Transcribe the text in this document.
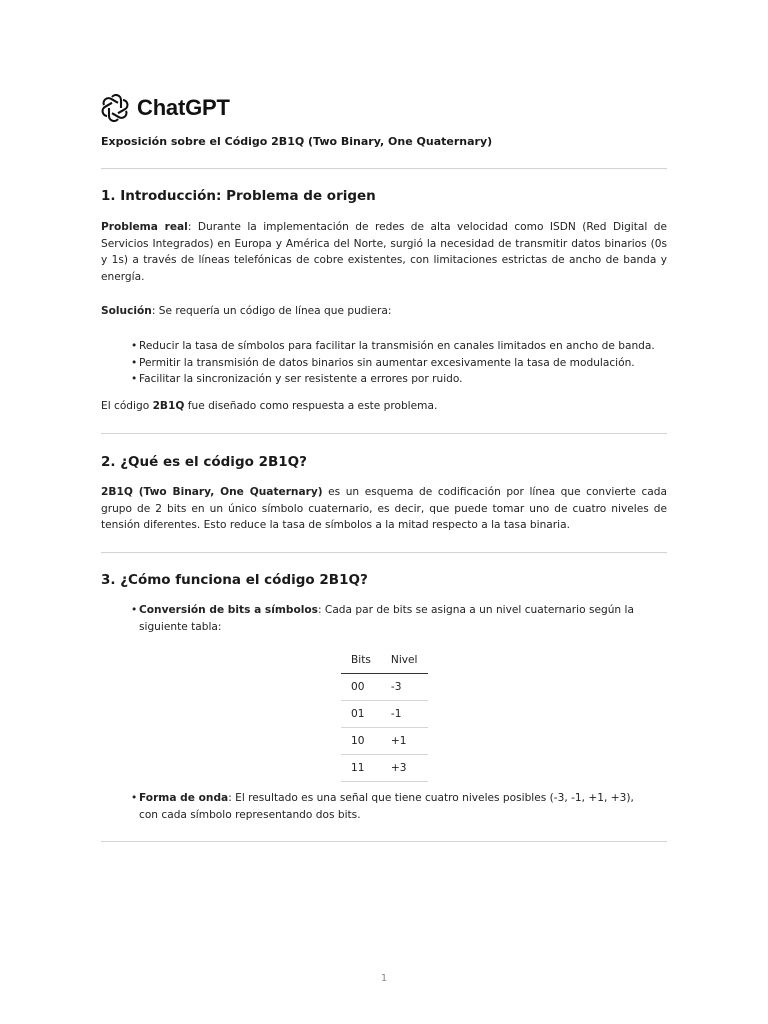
ChatGPT
Exposición sobre el Código 2B1Q (Two Binary, One Quaternary)
1. Introducción: Problema de origen
Problema real: Durante la implementación de redes de alta velocidad como ISDN (Red Digital de Servicios Integrados) en Europa y América del Norte, surgió la necesidad de transmitir datos binarios (0s y 1s) a través de líneas telefónicas de cobre existentes, con limitaciones estrictas de ancho de banda y energía.
Solución: Se requería un código de línea que pudiera:
• Reducir la tasa de símbolos para facilitar la transmisión en canales limitados en ancho de banda.
• Permitir la transmisión de datos binarios sin aumentar excesivamente la tasa de modulación.
• Facilitar la sincronización y ser resistente a errores por ruido.
El código 2B1Q fue diseñado como respuesta a este problema.
2. ¿Qué es el código 2B1Q?
2B1Q (Two Binary, One Quaternary) es un esquema de codificación por línea que convierte cada grupo de 2 bits en un único símbolo cuaternario, es decir, que puede tomar uno de cuatro niveles de tensión diferentes. Esto reduce la tasa de símbolos a la mitad respecto a la tasa binaria.
3. ¿Cómo funciona el código 2B1Q?
• Conversión de bits a símbolos: Cada par de bits se asigna a un nivel cuaternario según la siguiente tabla:
Bits	Nivel
00	-3
01	-1
10	+1
11	+3
• Forma de onda: El resultado es una señal que tiene cuatro niveles posibles (-3, -1, +1, +3), con cada símbolo representando dos bits.
1
